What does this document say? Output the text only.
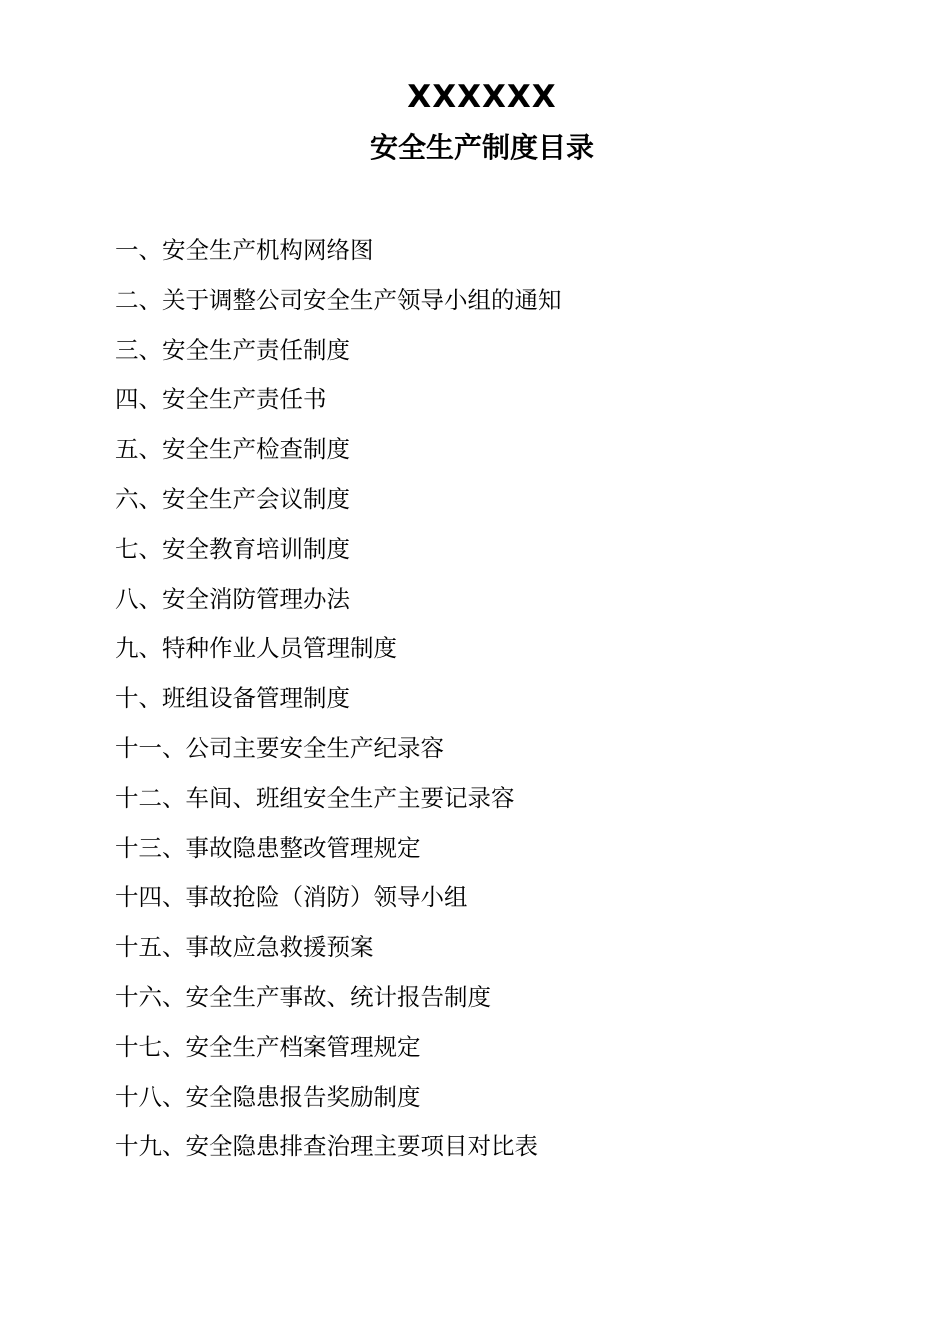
XXXXXX
安全生产制度目录
一、安全生产机构网络图
二、关于调整公司安全生产领导小组的通知
三、安全生产责任制度
四、安全生产责任书
五、安全生产检查制度
六、安全生产会议制度
七、安全教育培训制度
八、安全消防管理办法
九、特种作业人员管理制度
十、班组设备管理制度
十一、公司主要安全生产纪录容
十二、车间、班组安全生产主要记录容
十三、事故隐患整改管理规定
十四、事故抢险（消防）领导小组
十五、事故应急救援预案
十六、安全生产事故、统计报告制度
十七、安全生产档案管理规定
十八、安全隐患报告奖励制度
十九、安全隐患排查治理主要项目对比表
